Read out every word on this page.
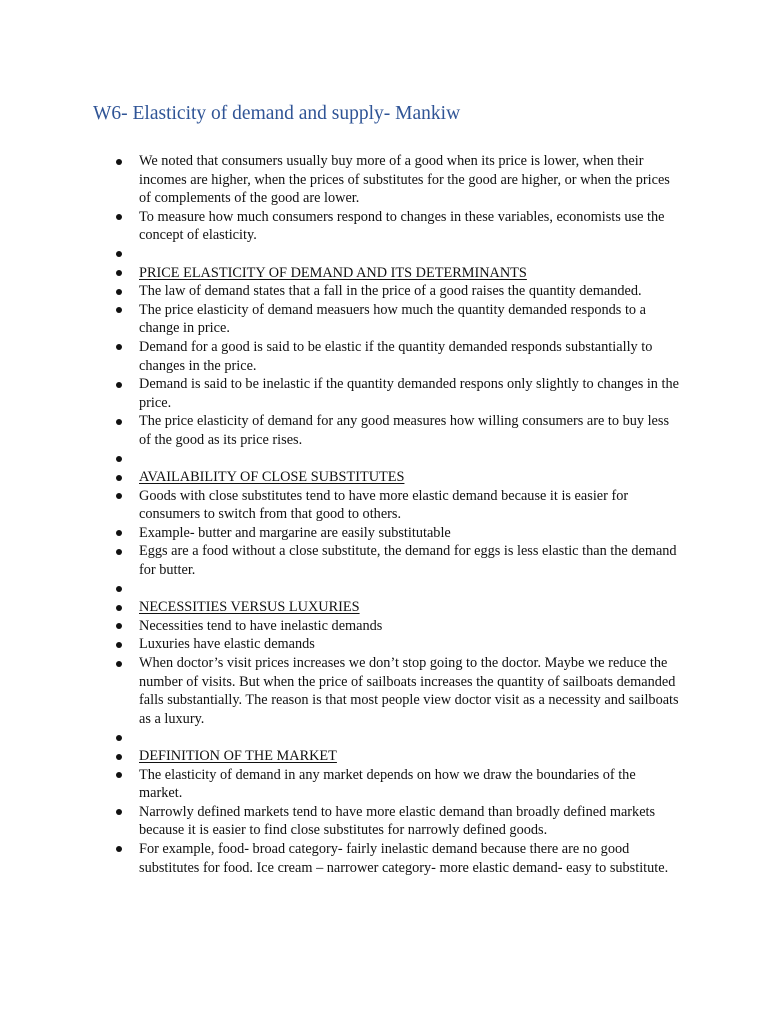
W6- Elasticity of demand and supply- Mankiw
We noted that consumers usually buy more of a good when its price is lower, when their incomes are higher, when the prices of substitutes for the good are higher, or when the prices of complements of the good are lower.
To measure how much consumers respond to changes in these variables, economists use the concept of elasticity.
PRICE ELASTICITY OF DEMAND AND ITS DETERMINANTS
The law of demand states that a fall in the price of a good raises the quantity demanded.
The price elasticity of demand measuers how much the quantity demanded responds to a change in price.
Demand for a good is said to be elastic if the quantity demanded responds substantially to changes in the price.
Demand is said to be inelastic if the quantity demanded respons only slightly to changes in the price.
The price elasticity of demand for any good measures how willing consumers are to buy less of the good as its price rises.
AVAILABILITY OF CLOSE SUBSTITUTES
Goods with close substitutes tend to have more elastic demand because it is easier for consumers to switch from that good to others.
Example- butter and margarine are easily substitutable
Eggs are a food without a close substitute, the demand for eggs is less elastic than the demand for butter.
NECESSITIES VERSUS LUXURIES
Necessities tend to have inelastic demands
Luxuries have elastic demands
When doctor’s visit prices increases we don’t stop going to the doctor. Maybe we reduce the number of visits. But when the price of sailboats increases the quantity of sailboats demanded falls substantially. The reason is that most people view doctor visit as a necessity and sailboats as a luxury.
DEFINITION OF THE MARKET
The elasticity of demand in any market depends on how we draw the boundaries of the market.
Narrowly defined markets tend to have more elastic demand than broadly defined markets because it is easier to find close substitutes for narrowly defined goods.
For example, food- broad category- fairly inelastic demand because there are no good substitutes for food. Ice cream – narrower category- more elastic demand- easy to substitute.
